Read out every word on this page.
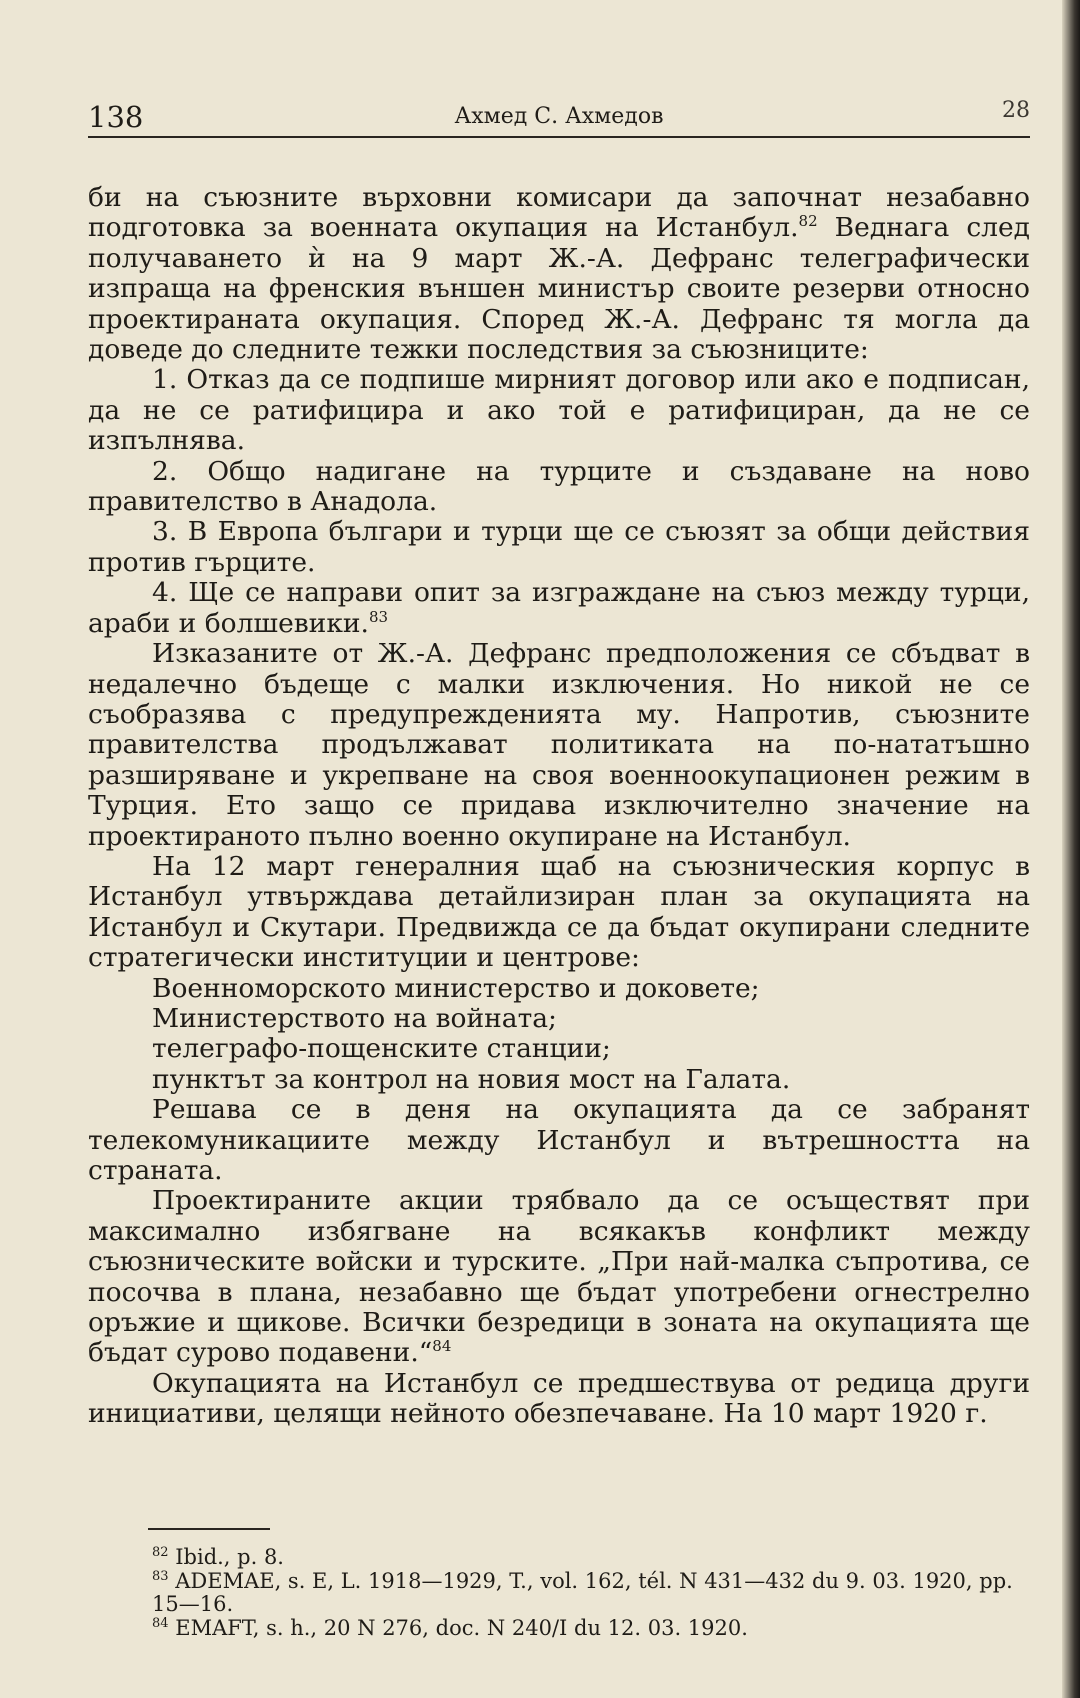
138	Ахмед С. Ахмедов	28

би на съюзните върховни комисари да започнат незабавно подготовка за военната окупация на Истанбул.$^{82}$ Веднага след получаването ѝ на 9 март Ж.-А. Дефранс телеграфически изпраща на френския външен министър своите резерви относно проектираната окупация. Според Ж.-А. Дефранс тя могла да доведе до следните тежки последствия за съюзниците:

1. Отказ да се подпише мирният договор или ако е подписан, да не се ратифицира и ако той е ратифициран, да не се изпълнява.

2. Общо надигане на турците и създаване на ново правителство в Анадола.

3. В Европа българи и турци ще се съюзят за общи действия против гърците.

4. Ще се направи опит за изграждане на съюз между турци, араби и болшевики.$^{83}$

Изказаните от Ж.-А. Дефранс предположения се сбъдват в недалечно бъдеще с малки изключения. Но никой не се съобразява с предупрежденията му. Напротив, съюзните правителства продължават политиката на по-нататъшно разширяване и укрепване на своя военноокупационен режим в Турция. Ето защо се придава изключително значение на проектираното пълно военно окупиране на Истанбул.

На 12 март генералния щаб на съюзническия корпус в Истанбул утвърждава детайлизиран план за окупацията на Истанбул и Скутари. Предвижда се да бъдат окупирани следните стратегически институции и центрове:

Военноморското министерство и доковете;

Министерството на войната;

телеграфо-пощенските станции;

пунктът за контрол на новия мост на Галата.

Решава се в деня на окупацията да се забранят телекомуникациите между Истанбул и вътрешността на страната.

Проектираните акции трябвало да се осъществят при максимално избягване на всякакъв конфликт между съюзническите войски и турските. „При най-малка съпротива, се посочва в плана, незабавно ще бъдат употребени огнестрелно оръжие и щикове. Всички безредици в зоната на окупацията ще бъдат сурово подавени.“$^{84}$

Окупацията на Истанбул се предшествува от редица други инициативи, целящи нейното обезпечаване. На 10 март 1920 г.

$^{82}$ Ibid., p. 8.

$^{83}$ ADEMAE, s. E, L. 1918—1929, T., vol. 162, tél. N 431—432 du 9. 03. 1920, pp. 15—16.

$^{84}$ EMAFT, s. h., 20 N 276, doc. N 240/I du 12. 03. 1920.
